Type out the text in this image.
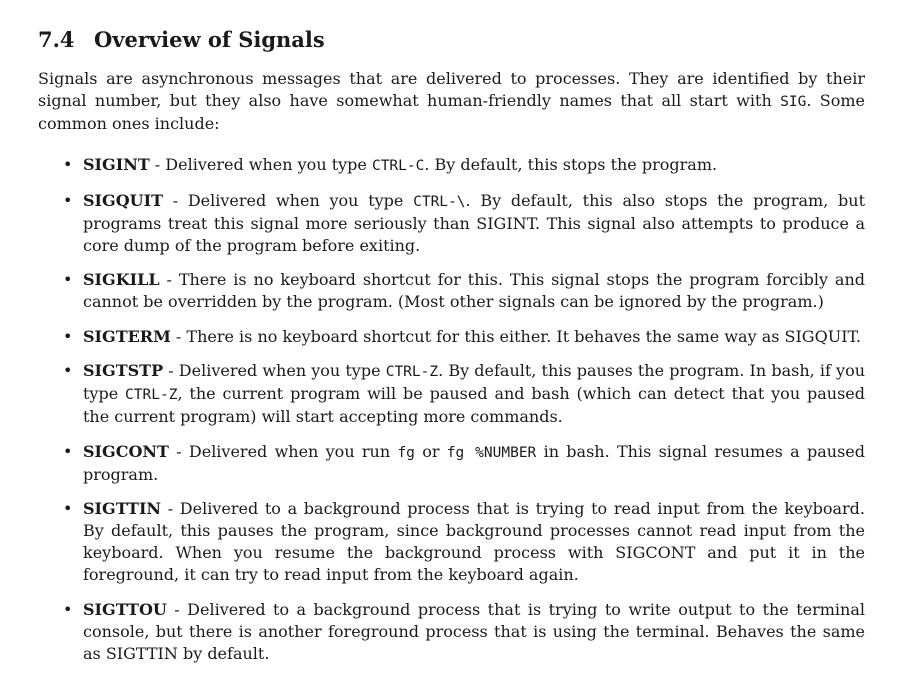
7.4 Overview of Signals

Signals are asynchronous messages that are delivered to processes. They are identified by their signal number, but they also have somewhat human-friendly names that all start with SIG. Some common ones include:

• SIGINT - Delivered when you type CTRL-C. By default, this stops the program.
• SIGQUIT - Delivered when you type CTRL-\. By default, this also stops the program, but programs treat this signal more seriously than SIGINT. This signal also attempts to produce a core dump of the program before exiting.
• SIGKILL - There is no keyboard shortcut for this. This signal stops the program forcibly and cannot be overridden by the program. (Most other signals can be ignored by the program.)
• SIGTERM - There is no keyboard shortcut for this either. It behaves the same way as SIGQUIT.
• SIGTSTP - Delivered when you type CTRL-Z. By default, this pauses the program. In bash, if you type CTRL-Z, the current program will be paused and bash (which can detect that you paused the current program) will start accepting more commands.
• SIGCONT - Delivered when you run fg or fg %NUMBER in bash. This signal resumes a paused program.
• SIGTTIN - Delivered to a background process that is trying to read input from the keyboard. By default, this pauses the program, since background processes cannot read input from the keyboard. When you resume the background process with SIGCONT and put it in the foreground, it can try to read input from the keyboard again.
• SIGTTOU - Delivered to a background process that is trying to write output to the terminal console, but there is another foreground process that is using the terminal. Behaves the same as SIGTTIN by default.
